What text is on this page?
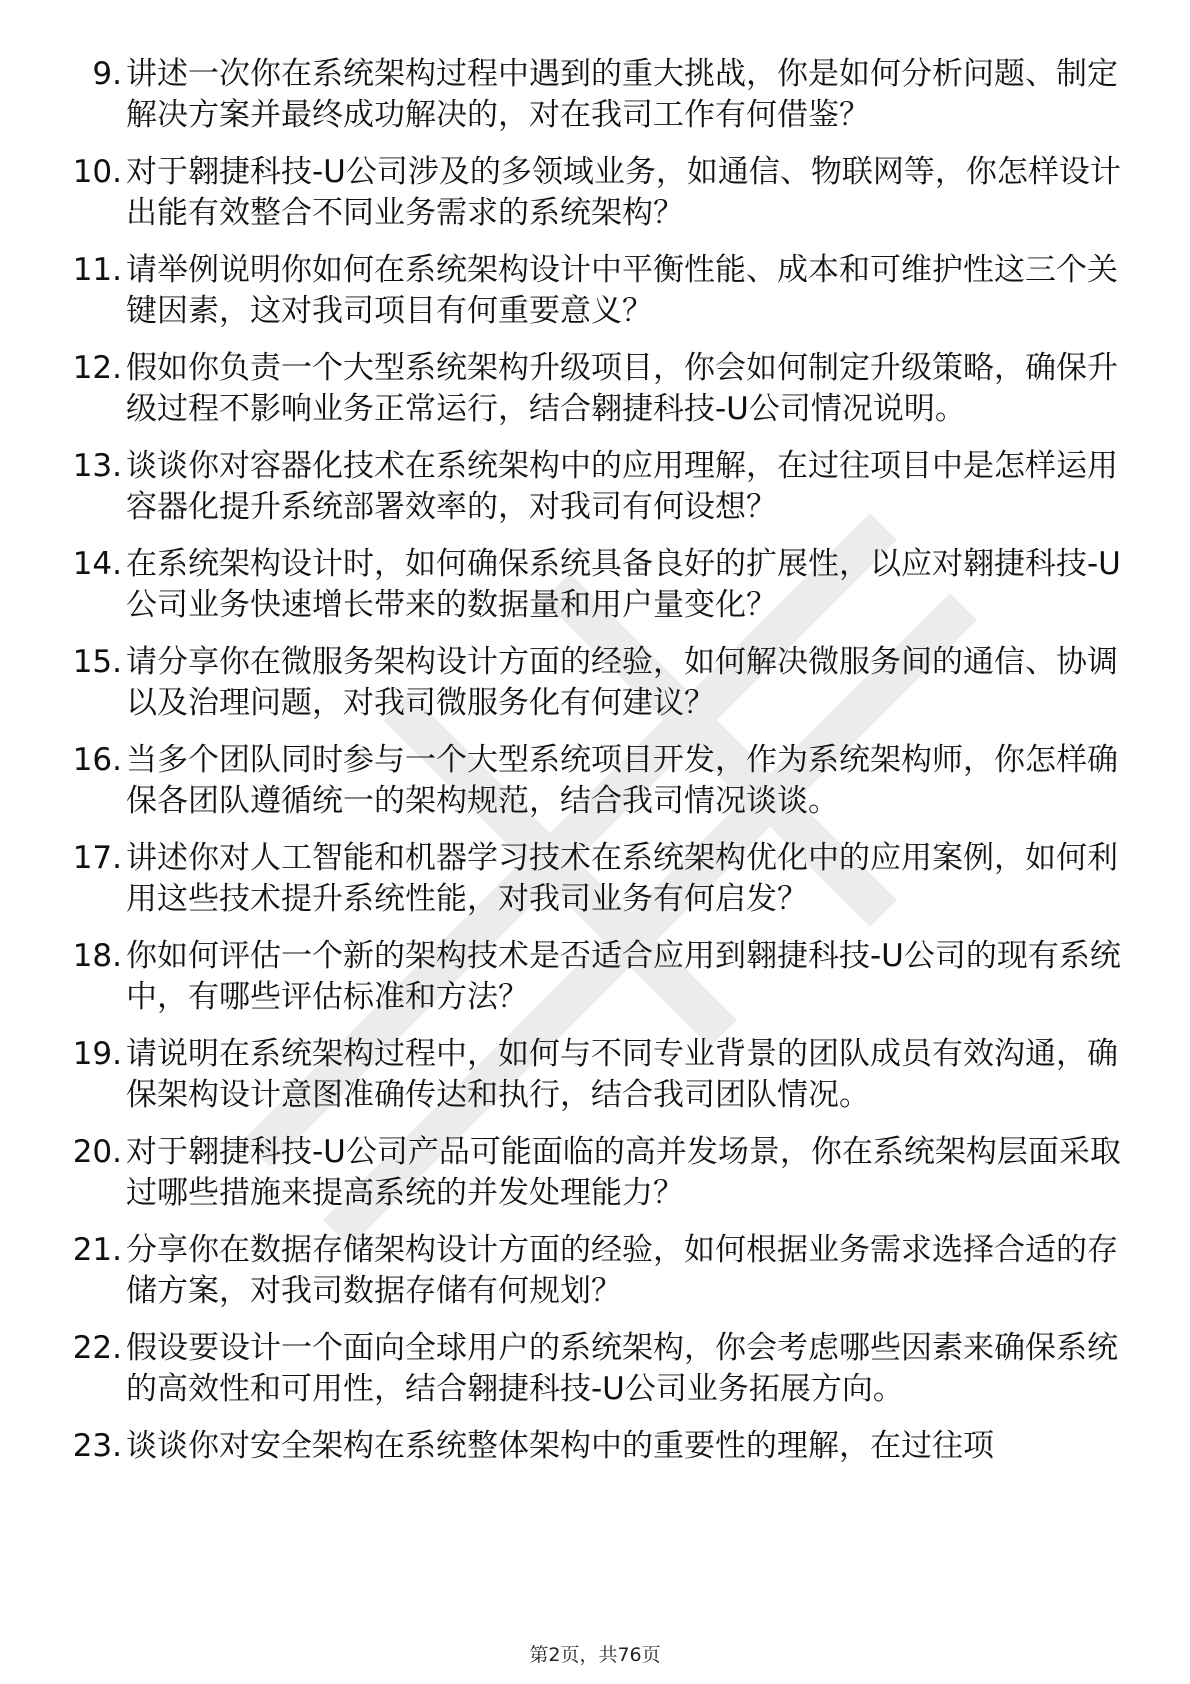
9. 讲述一次你在系统架构过程中遇到的重大挑战，你是如何分析问题、制定解决方案并最终成功解决的，对在我司工作有何借鉴？
10. 对于翱捷科技-U公司涉及的多领域业务，如通信、物联网等，你怎样设计出能有效整合不同业务需求的系统架构？
11. 请举例说明你如何在系统架构设计中平衡性能、成本和可维护性这三个关键因素，这对我司项目有何重要意义？
12. 假如你负责一个大型系统架构升级项目，你会如何制定升级策略，确保升级过程不影响业务正常运行，结合翱捷科技-U公司情况说明。
13. 谈谈你对容器化技术在系统架构中的应用理解，在过往项目中是怎样运用容器化提升系统部署效率的，对我司有何设想？
14. 在系统架构设计时，如何确保系统具备良好的扩展性，以应对翱捷科技-U公司业务快速增长带来的数据量和用户量变化？
15. 请分享你在微服务架构设计方面的经验，如何解决微服务间的通信、协调以及治理问题，对我司微服务化有何建议？
16. 当多个团队同时参与一个大型系统项目开发，作为系统架构师，你怎样确保各团队遵循统一的架构规范，结合我司情况谈谈。
17. 讲述你对人工智能和机器学习技术在系统架构优化中的应用案例，如何利用这些技术提升系统性能，对我司业务有何启发？
18. 你如何评估一个新的架构技术是否适合应用到翱捷科技-U公司的现有系统中，有哪些评估标准和方法？
19. 请说明在系统架构过程中，如何与不同专业背景的团队成员有效沟通，确保架构设计意图准确传达和执行，结合我司团队情况。
20. 对于翱捷科技-U公司产品可能面临的高并发场景，你在系统架构层面采取过哪些措施来提高系统的并发处理能力？
21. 分享你在数据存储架构设计方面的经验，如何根据业务需求选择合适的存储方案，对我司数据存储有何规划？
22. 假设要设计一个面向全球用户的系统架构，你会考虑哪些因素来确保系统的高效性和可用性，结合翱捷科技-U公司业务拓展方向。
23. 谈谈你对安全架构在系统整体架构中的重要性的理解，在过往项
第2页，共76页
